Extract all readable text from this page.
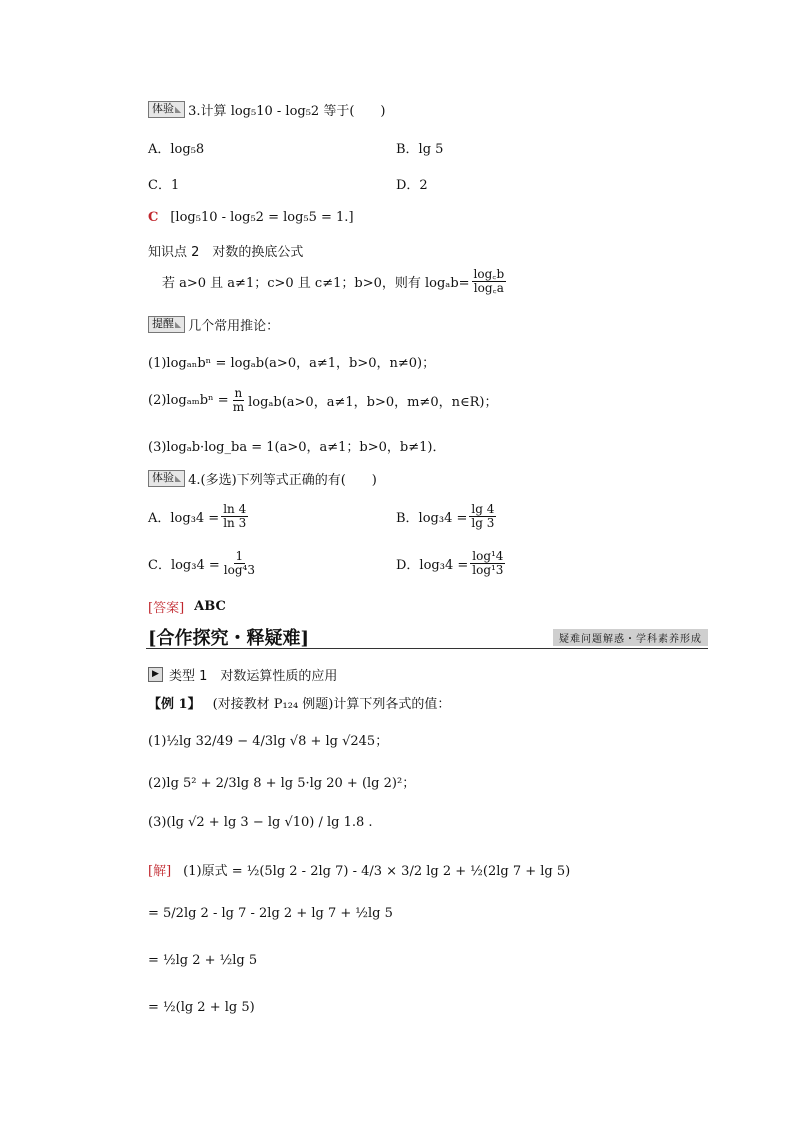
体验 ◣	3.计算 log₅10 - log₅2 等于(　　)
A．log₅8	B．lg 5
C．1	D．2
C [log₅10 - log₅2 = log₅5 = 1.]
知识点 2　对数的换底公式
若 a>0 且 a≠1；c>0 且 c≠1；b>0，则有 $\log_ab= \frac{\log꜀b}{\log꜀a}$
提醒 ◣	几个常用推论：
(1)logₐₙbⁿ = logₐb(a>0，a≠1，b>0，n≠0)；
$(2)\log_{am}b^n = \frac{n}{m} \log_ab(a>0$，a≠1，b>0，m≠0，n∈R)；
(3)logₐb·log_ba = 1(a>0，a≠1；b>0，b≠1)．
体验 ◣	4.(多选)下列等式正确的有(　　)
A．$\log_34 = \frac{\ln 4}{\ln 3}$	B．$\log_34 = \frac{\lg 4}{\lg 3}$
C．$\log_34 = \frac{1}{\text{log⁴3}}$	D．$\log_34 = \frac{\text{log¹4}}{\text{log¹3}}$
[答案] ABC
[合作探究・释疑难]	疑难问题解惑・学科素养形成
▶ 类型 1　对数运算性质的应用
【例 1】 (对接教材 P₁₂₄ 例题)计算下列各式的值：
(1)½lg 32/49 − 4/3lg √8 + lg √245；
(2)lg 5² + 2/3lg 8 + lg 5·lg 20 + (lg 2)²；
(3)(lg √2 + lg 3 − lg √10) / lg 1.8 .
[解] (1)原式 = ½(5lg 2 - 2lg 7) - 4/3 × 3/2 lg 2 + ½(2lg 7 + lg 5)
= 5/2lg 2 - lg 7 - 2lg 2 + lg 7 + ½lg 5
= ½lg 2 + ½lg 5
= ½(lg 2 + lg 5)
